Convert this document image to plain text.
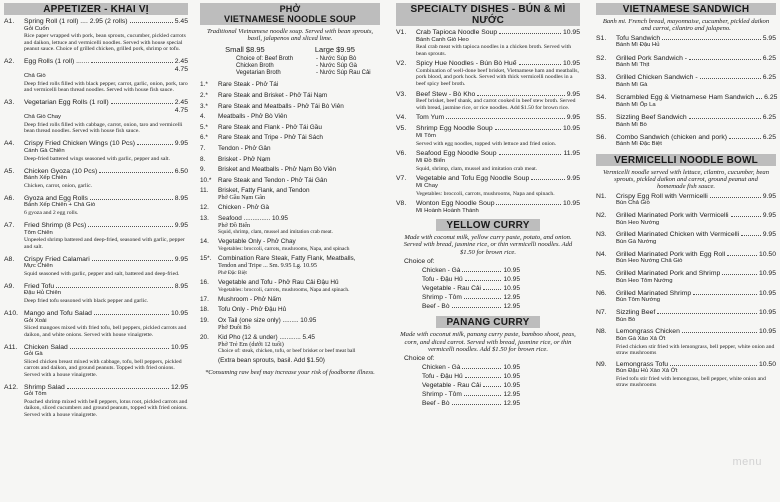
APPETIZER - KHAI VỊ
A1.	Spring Roll (1 roll) .... 2.95 (2 rolls)	5.45
Gỏi Cuốn
Rice paper wrapped with pork, bean sprouts, cucumber, pickled carrots and daikon, lettuce and vermicelli noodles. Served with house special peanut sauce. Choice of grilled chicken, grilled pork, shrimp or tofu.
A2.	Egg Rolls (1 roll) .......	2.45
4.75
Chả Giò
Deep fried rolls filled with black pepper, carrot, garlic, onion, pork, taro and vermicelli bean thread noodles. Served with house fish sauce.
A3.	Vegetarian Egg Rolls (1 roll)	2.45
4.75
Chả Giò Chay
Deep fried rolls filled with cabbage, carrot, onion, taro and vermicelli bean thread noodles. Served with house fish sauce.
A4.	Crispy Fried Chicken Wings (10 Pcs)	9.95
Cánh Gà Chiên
Deep-fried battered wings seasoned with garlic, pepper and salt.
A5.	Chicken Gyoza (10 Pcs)	6.50
Bánh Xếp Chiên
Chicken, carrot, onion, garlic.
A6.	Gyoza and Egg Rolls	8.95
Bánh Xếp Chiên + Chả Giò
6 gyoza and 2 egg rolls.
A7.	Fried Shrimp (8 Pcs)	9.95
Tôm Chiên
Unpeeled shrimp battered and deep-fried, seasoned with garlic, pepper and salt.
A8.	Crispy Fried Calamari	9.95
Mực Chiên
Squid seasoned with garlic, pepper and salt, battered and deep-fried.
A9.	Fried Tofu	8.95
Đậu Hủ Chiên
Deep fried tofu seasoned with black pepper and garlic.
A10. Mango and Tofu Salad	10.95
Gỏi Xoài
Sliced mangoes mixed with fried tofu, bell peppers, pickled carrots and daikon, and white onions. Served with house vinaigrette.
A11. Chicken Salad	10.95
Gỏi Gà
Sliced chicken breast mixed with cabbage, tofu, bell peppers, pickled carrots and daikon, and ground peanuts. Topped with fried onions. Served with a house vinaigrette.
A12. Shrimp Salad	12.95
Gỏi Tôm
Poached shrimp mixed with bell peppers, lotus root, pickled carrots and daikon, sliced cucumbers and ground peanuts, topped with fried onions. Served with a house vinaigrette.
PHỞ
VIETNAMESE NOODLE SOUP
Traditional Vietnamese noodle soup. Served with bean sprouts, basil, jalapenos and sliced lime.
Small $8.95	Large $9.95
Choice of: Beef Broth	- Nước Súp Bò
Chicken Broth	- Nước Súp Gà
Vegetarian Broth	- Nước Súp Rau Cải
1.*	Rare Steak - Phở Tái
2.*	Rare Steak and Brisket - Phở Tái Nạm
3.*	Rare Steak and Meatballs - Phở Tái Bò Viên
4.	Meatballs - Phở Bò Viên
5.*	Rare Steak and Flank - Phở Tái Gầu
6.*	Rare Steak and Tripe - Phở Tái Sách
7.	Tendon - Phở Gân
8.	Brisket - Phở Nạm
9.	Brisket and Meatballs - Phở Nạm Bò Viên
10.*	Rare Steak and Tendon - Phở Tái Gân
11.	Brisket, Fatty Flank, and Tendon
Phở Gầu Nạm Gân
12.	Chicken - Phở Gà
13.	Seafood ............... 10.95
Phở Đồ Biển
Squid, shrimp, clam, mussel and imitation crab meat.
14.	Vegetable Only - Phở Chay
Vegetables: broccoli, carrots, mushrooms, Napa, and spinach
15*.	Combination Rare Steak, Fatty Flank, Meatballs,
Tendon and Tripe ... Sm. 9.95 Lg. 10.95
Phở Đặc Biệt
16.	Vegetable and Tofu - Phở Rau Cải Đậu Hủ
Vegetables: broccoli, carrots, mushrooms, Napa and spinach.
17.	Mushroom - Phở Nấm
18.	Tofu Only - Phở Đậu Hủ
19.	Ox Tail (one size only) ......... 10.95
Phở Đuôi Bò
20.	Kid Pho (12 & under) ............ 5.45
Phở Trẻ Em (dưới 12 tuổi)
Choice of: steak, chicken, tofu, or beef brisket or beef meat ball
(Extra bean sprouts, basil. Add $1.50)
*Consuming raw beef may increase your risk of foodborne illness.
SPECIALTY DISHES - BÚN & MÌ NƯỚC
V1.	Crab Tapioca Noodle Soup	10.95
Bánh Canh Giò Heo
Real crab meat with tapioca noodles in a chicken broth. Served with bean sprouts.
V2.	Spicy Hue Noodles - Bún Bò Huế	10.95
Combination of well-done beef brisket, Vietnamese ham and meatballs, pork blood, and pork hock. Served with thick vermicelli noodles in a beef spicy beef broth.
V3.	Beef Stew - Bò Kho	9.95
Beef brisket, beef shank, and carrot cooked in beef stew broth. Served with bread, jasmine rice, or rice noodles. Add $1.50 for brown rice.
V4.	Tom Yum	9.95
V5.	Shrimp Egg Noodle Soup	10.95
Mì Tôm
Served with egg noodles, topped with lettuce and fried onion.
V6.	Seafood Egg Noodle Soup	11.95
Mì Đồ Biển
Squid, shrimp, clam, mussel and imitation crab meat.
V7.	Vegetable and Tofu Egg Noodle Soup	9.95
Mì Chay
Vegetables: broccoli, carrots, mushrooms, Napa and spinach.
V8.	Wonton Egg Noodle Soup	10.95
Mì Hoành Hoành Thánh
YELLOW CURRY
Made with coconut milk, yellow curry paste, potato, and onion. Served with bread, jasmine rice, or thin vermicelli noodles. Add $1.50 for brown rice.
Choice of:
Chicken - Gà	10.95
Tofu - Đậu Hủ	10.95
Vegetable - Rau Cải	10.95
Shrimp - Tôm	12.95
Beef - Bò	12.95
PANANG CURRY
Made with coconut milk, panang curry paste, bamboo shoot, peas, corn, and diced carrot. Served with bread, jasmine rice, or thin vermicelli noodles. Add $1.50 for brown rice.
Choice of:
Chicken - Gà	10.95
Tofu - Đậu Hủ	10.95
Vegetable - Rau Cải	10.95
Shrimp - Tôm	12.95
Beef - Bò	12.95
VIETNAMESE SANDWICH
Banh mi. French bread, mayonnaise, cucumber, pickled daikon and carrot, cilantro and jalapeno.
S1.	Tofu Sandwich	5.95
Bánh Mì Đậu Hủ
S2.	Grilled Pork Sandwich -	6.25
Bánh Mì Thịt
S3.	Grilled Chicken Sandwich -	6.25
Bánh Mì Gà
S4.	Scrambled Egg & Vietnamese Ham Sandwich 6.25
Bánh Mì Ốp La
S5.	Sizzling Beef Sandwich	6.25
Bánh Mì Bò
S6.	Combo Sandwich (chicken and pork)	6.25
Bánh Mì Đặc Biệt
VERMICELLI NOODLE BOWL
Vermicelli noodle served with lettuce, cilantro, cucumber, bean sprouts, pickled daikon and carrot, ground peanut and homemade fish sauce.
N1.	Crispy Egg Roll with Vermicelli	9.95
Bún Chả Giò
N2.	Grilled Marinated Pork with Vermicelli	9.95
Bún Heo Nướng
N3.	Grilled Marinated Chicken with Vermicelli	9.95
Bún Gà Nướng
N4.	Grilled Marinated Pork with Egg Roll	10.50
Bún Heo Nướng Chả Giò
N5.	Grilled Marinated Pork and Shrimp	10.95
Bún Heo Tôm Nướng
N6.	Grilled Marinated Shrimp	10.95
Bún Tôm Nướng
N7.	Sizzling Beef	10.95
Bún Bò
N8.	Lemongrass Chicken	10.95
Bún Gà Xào Xả Ớt
Fried chicken stir fried with lemongrass, bell pepper, white onion and straw mushrooms
N9.	Lemongrass Tofu	10.50
Bún Đậu Hủ Xào Xả Ớt
Fried tofu stir fried with lemongrass, bell pepper, white onion and straw mushrooms
menu
